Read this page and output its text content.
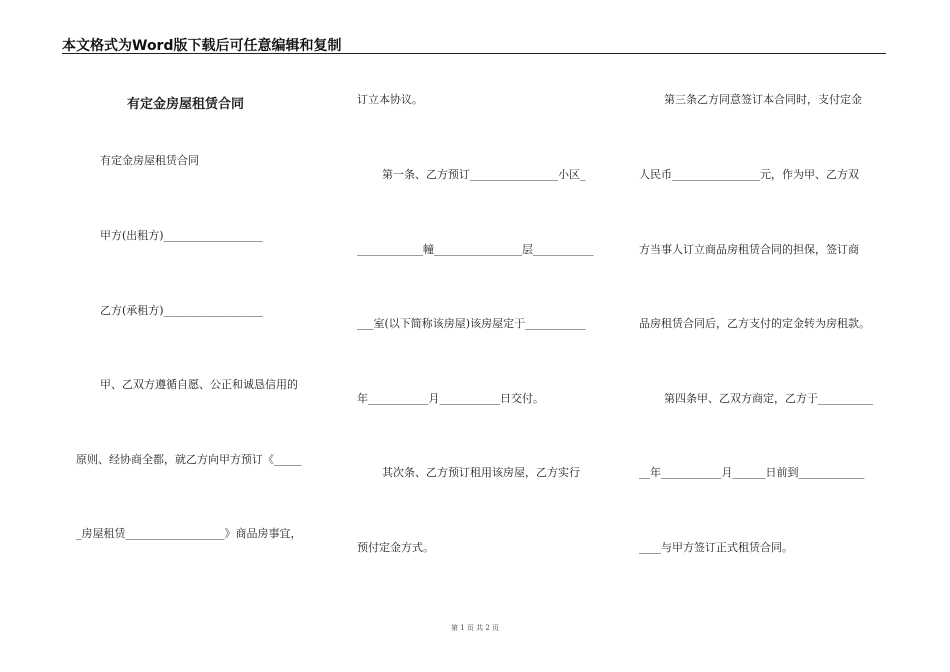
本文格式为Word版下载后可任意编辑和复制
有定金房屋租赁合同
有定金房屋租赁合同
甲方(出租方)__________________
乙方(承租方)__________________
甲、乙双方遵循自愿、公正和诚恳信用的
原则、经协商全都，就乙方向甲方预订《_____
_房屋租赁__________________》商品房事宜，
订立本协议。
第一条、乙方预订________________小区_
____________幢________________层___________
___室(以下简称该房屋)该房屋定于___________
年___________月___________日交付。
其次条、乙方预订租用该房屋，乙方实行
预付定金方式。
第三条乙方同意签订本合同时，支付定金
人民币________________元，作为甲、乙方双
方当事人订立商品房租赁合同的担保，签订商
品房租赁合同后，乙方支付的定金转为房租款。
第四条甲、乙双方商定，乙方于__________
__年___________月______日前到____________
____与甲方签订正式租赁合同。
第 1 页 共 2 页
